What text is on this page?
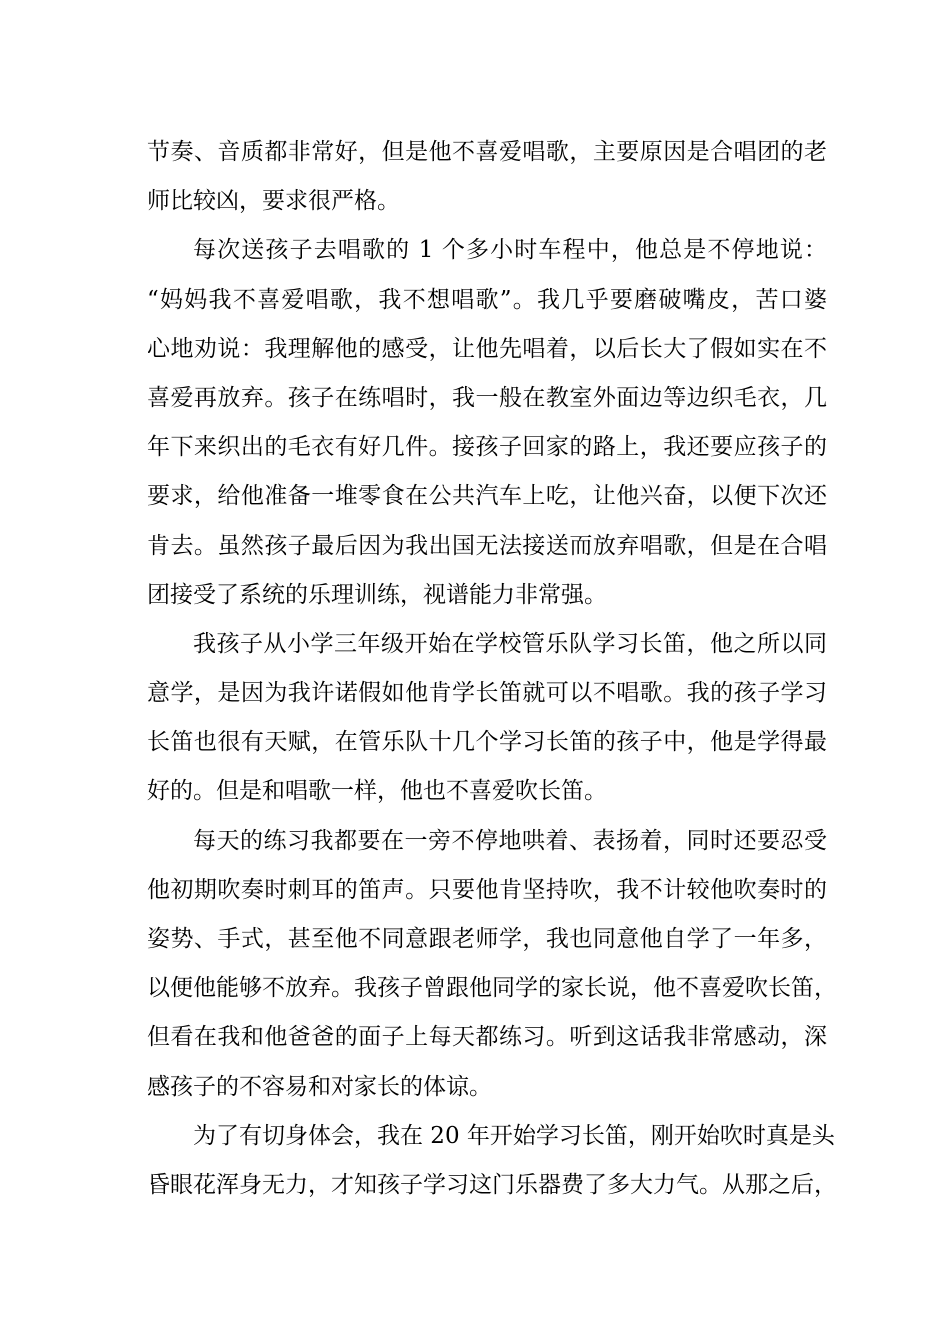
节奏、音质都非常好，但是他不喜爱唱歌，主要原因是合唱团的老
师比较凶，要求很严格。
每次送孩子去唱歌的 1 个多小时车程中，他总是不停地说：
“妈妈我不喜爱唱歌，我不想唱歌”。我几乎要磨破嘴皮，苦口婆
心地劝说：我理解他的感受，让他先唱着，以后长大了假如实在不
喜爱再放弃。孩子在练唱时，我一般在教室外面边等边织毛衣，几
年下来织出的毛衣有好几件。接孩子回家的路上，我还要应孩子的
要求，给他准备一堆零食在公共汽车上吃，让他兴奋，以便下次还
肯去。虽然孩子最后因为我出国无法接送而放弃唱歌，但是在合唱
团接受了系统的乐理训练，视谱能力非常强。
我孩子从小学三年级开始在学校管乐队学习长笛，他之所以同
意学，是因为我许诺假如他肯学长笛就可以不唱歌。我的孩子学习
长笛也很有天赋，在管乐队十几个学习长笛的孩子中，他是学得最
好的。但是和唱歌一样，他也不喜爱吹长笛。
每天的练习我都要在一旁不停地哄着、表扬着，同时还要忍受
他初期吹奏时刺耳的笛声。只要他肯坚持吹，我不计较他吹奏时的
姿势、手式，甚至他不同意跟老师学，我也同意他自学了一年多，
以便他能够不放弃。我孩子曾跟他同学的家长说，他不喜爱吹长笛，
但看在我和他爸爸的面子上每天都练习。听到这话我非常感动，深
感孩子的不容易和对家长的体谅。
为了有切身体会，我在 20 年开始学习长笛，刚开始吹时真是头
昏眼花浑身无力，才知孩子学习这门乐器费了多大力气。从那之后，
